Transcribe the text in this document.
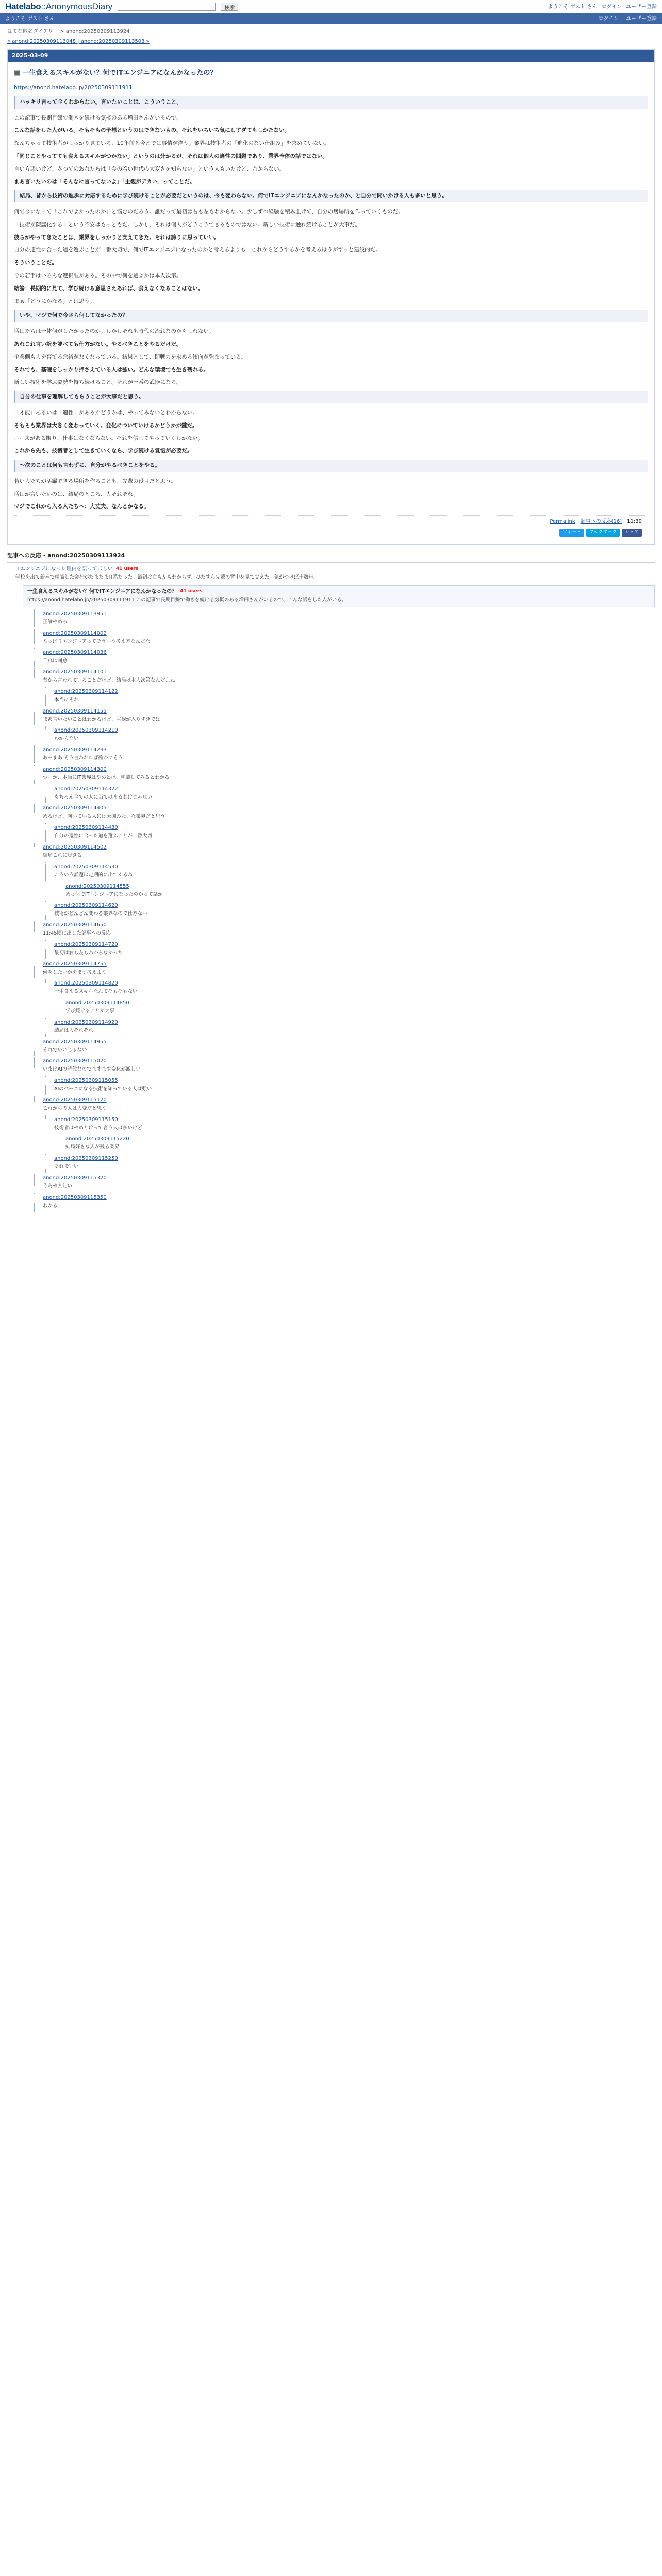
Hatelabo ::AnonymousDiary	検索	ようこそ ゲスト さん ログイン ユーザー登録
ようこそ ゲスト さん	ログイン ユーザー登録
はてな匿名ダイアリー > anond:20250309113924
« anond:20250309113048 | anond:20250309113503 »
2025-03-09
■ 一生食えるスキルがない？何でITエンジニアになんかなったの？

https://anond.hatelabo.jp/20250309111911

ハッキリ言って全くわからない。言いたいことは、こういうこと。

この記事で長期目線で働きを続ける気概のある増田さんがいるので、

こんな話をした人がいる。そもそもの予想というのはできないもの、それをいちいち気にしすぎてもしかたない。

なんちゃって技術者がしっかり見ている、10年前と今とでは事情が違う。業界は技術者の「進化のない仕組み」を求めていない。

「同じことやってても食えるスキルがつかない」というのは分かるが、それは個人の適性の問題であり、業界全体の話ではない。

言い方悪いけど、かつてのおれたちは「今の若い世代の大変さを知らない」という人もいたけど、わからない。

まあ言いたいのは「そんなに言ってないよ」「主観がデカい」ってことだ。

結局、昔から技術の進歩に対応するために学び続けることが必要だというのは、今も変わらない。何でITエンジニアになんかなったのか、と自分で問いかける人も多いと思う。

何で今になって「これでよかったのか」と悩むのだろう。誰だって最初は右も左もわからない。少しずつ経験を積み上げて、自分の居場所を作っていくものだ。

「技術が陳腐化する」という不安はもっともだ。しかし、それは個人がどうこうできるものではない。新しい技術に触れ続けることが大事だ。

彼らがやってきたことは、業界をしっかりと支えてきた。それは誇りに思っていい。

自分の適性に合った道を選ぶことが一番大切で、何でITエンジニアになったのかと考えるよりも、これからどうするかを考えるほうがずっと建設的だ。

そういうことだ。

今の若手はいろんな選択肢がある。その中で何を選ぶかは本人次第。

結論：長期的に見て、学び続ける意思さえあれば、食えなくなることはない。

まぁ「どうにかなる」とは思う。

いや、マジで何で今さら何してなかったの？

増田たちは一体何がしたかったのか。しかしそれも時代の流れなのかもしれない。

あれこれ言い訳を並べても仕方がない。やるべきことをやるだけだ。

企業側も人を育てる余裕がなくなっている。結果として、即戦力を求める傾向が強まっている。

それでも、基礎をしっかり押さえている人は強い。どんな環境でも生き残れる。

新しい技術を学ぶ姿勢を持ち続けること。それが一番の武器になる。

自分の仕事を理解してもらうことが大事だと思う。

「才能」あるいは「適性」があるかどうかは、やってみないとわからない。

そもそも業界は大きく変わっていく。変化についていけるかどうかが鍵だ。

ニーズがある限り、仕事はなくならない。それを信じてやっていくしかない。

これから先も、技術者として生きていくなら、学び続ける覚悟が必要だ。

〜次のことは何も言わずに、自分がやるべきことをやる。

若い人たちが活躍できる場所を作ることも、先輩の役目だと思う。

増田が言いたいのは、結局のところ、人それぞれ。

マジでこれから入る人たちへ：大丈夫、なんとかなる。

Permalink 記事への反応(16) 11:39
ツイート	ブックマーク	シェア
記事への反応 - anond:20250309113924
ITエンジニアになった理由を語ってほしい 41 users
学校を出て新卒で就職した会社がたまたまIT系だった。最初は右も左もわからず、ひたすら先輩の背中を見て覚えた。気がつけば十数年。
一生食えるスキルがない？何でITエンジニアになんかなったの？ 41 users
https://anond.hatelabo.jp/20250309111911 この記事で長期目線で働きを続ける気概のある増田さんがいるので、こんな話をした人がいる。
anond:20250309113951
正論やめろ
anond:20250309114002
やっぱりエンジニアってそういう考え方なんだな
anond:20250309114036
これは同意
anond:20250309114101
昔から言われていることだけど、結局は本人次第なんだよね
anond:20250309114122
本当にそれ
anond:20250309114155
まあ言いたいことはわかるけど、主観が入りすぎでは
anond:20250309114210
わからない
anond:20250309114233
あーまあ そう言われれば確かにそう
anond:20250309114300
つーか、本当にIT業界はやめとけ。就職してみるとわかる。
anond:20250309114322
もちろん全ての人に当てはまるわけじゃない
anond:20250309114405
あるけど、向いている人には天国みたいな業界だと思う
anond:20250309114430
自分の適性に合った道を選ぶことが一番大切
anond:20250309114502
結局これに尽きる
anond:20250309114530
こういう話題は定期的に出てくるね
anond:20250309114555
あっ何でITエンジニアになったのかって話か
anond:20250309114620
技術がどんどん変わる業界なので仕方ない
anond:20250309114650
11:45頃に出した記事への反応
anond:20250309114720
最初は右も左もわからなかった
anond:20250309114755
何をしたいかをまず考えよう
anond:20250309114820
一生食えるスキルなんてそもそもない
anond:20250309114850
学び続けることが大事
anond:20250309114920
結局は人それぞれ
anond:20250309114955
それでいいじゃない
anond:20250309115020
いまはAIの時代なのでますます変化が激しい
anond:20250309115055
AIのベースになる技術を知っている人は強い
anond:20250309115120
これからの人は大変だと思う
anond:20250309115150
技術者はやめとけって言う人は多いけど
anond:20250309115220
結局好きな人が残る業界
anond:20250309115250
それでいい
anond:20250309115320
うらやましい
anond:20250309115350
わかる
